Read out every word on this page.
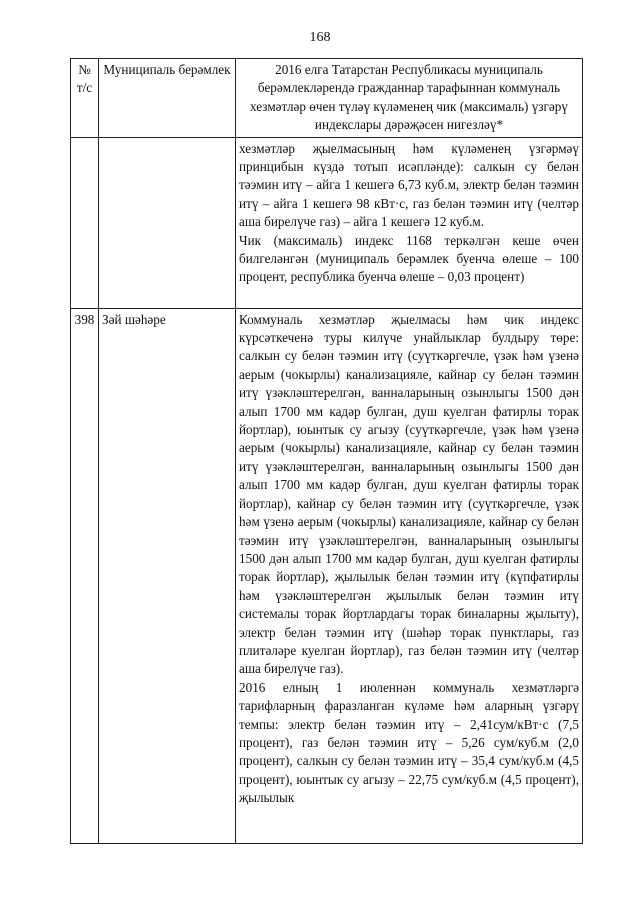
168
№ т/с	Муниципаль берәмлек	2016 елга Татарстан Республикасы муниципаль берәмлекләрендә гражданнар тарафыннан коммуналь хезмәтләр өчен түләү күләменең чик (максималь) үзгәрү индекслары дәрәҗәсен нигезләү*

		хезмәтләр җыелмасының һәм күләменең үзгәрмәү принцибын күздә тотып исәпләнде): салкын су белән тәэмин итү – айга 1 кешегә 6,73 куб.м, электр белән тәэмин итү – айга 1 кешегә 98 кВт·с, газ белән тәэмин итү (челтәр аша бирелүче газ) – айга 1 кешегә 12 куб.м.

Чик (максималь) индекс 1168 теркәлгән кеше өчен билгеләнгән (муниципаль берәмлек буенча өлеше – 100 процент, республика буенча өлеше – 0,03 процент)

398	Зәй шәһәре	Коммуналь хезмәтләр җыелмасы һәм чик индекс күрсәткеченә туры килүче унайлыклар булдыру төре: салкын су белән тәэмин итү (суүткәргечле, үзәк һәм үзенә аерым (чокырлы) канализацияле, кайнар су белән тәэмин итү үзәкләштерелгән, ванналарының озынлыгы 1500 дән алып 1700 мм кадәр булган, душ куелган фатирлы торак йортлар), юынтык су агызу (суүткәргечле, үзәк һәм үзенә аерым (чокырлы) канализацияле, кайнар су белән тәэмин итү үзәкләштерелгән, ванналарының озынлыгы 1500 дән алып 1700 мм кадәр булган, душ куелган фатирлы торак йортлар), кайнар су белән тәэмин итү (суүткәргечле, үзәк һәм үзенә аерым (чокырлы) канализацияле, кайнар су белән тәэмин итү үзәкләштерелгән, ванналарының озынлыгы 1500 дән алып 1700 мм кадәр булган, душ куелган фатирлы торак йортлар), җылылык белән тәэмин итү (күпфатирлы һәм үзәкләштерелгән җылылык белән тәэмин итү системалы торак йортлардагы торак биналарны җылыту), электр белән тәэмин итү (шәһәр торак пунктлары, газ плитәләре куелган йортлар), газ белән тәэмин итү (челтәр аша бирелүче газ).

2016 елның 1 июленнән коммуналь хезмәтләргә тарифларның фаразланган күләме һәм аларның үзгәрү темпы: электр белән тәэмин итү – 2,41сум/кВт·с (7,5 процент), газ белән тәэмин итү – 5,26 сум/куб.м (2,0 процент), салкын су белән тәэмин итү – 35,4 сум/куб.м (4,5 процент), юынтык су агызу – 22,75 сум/куб.м (4,5 процент), җылылык
